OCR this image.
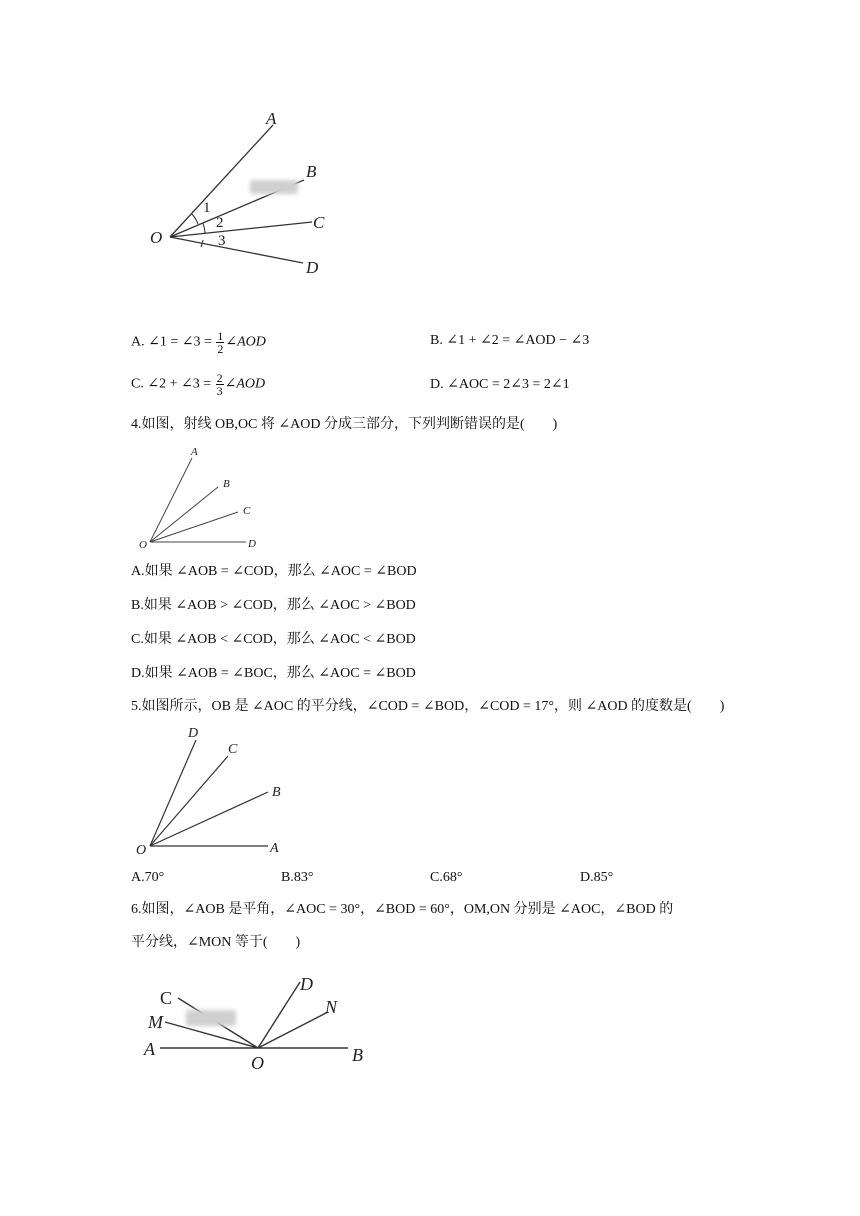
A
B
C
D
O
1
2
3
A. ∠1 = ∠3 = $\frac{1}{2}$ ∠AOD	B. ∠1 + ∠2 = ∠AOD − ∠3
C. ∠2 + ∠3 = $\frac{2}{3}$ ∠AOD	D. ∠AOC = 2∠3 = 2∠1
4.如图，射线 OB,OC 将 ∠AOD 分成三部分，下列判断错误的是(　　)
A
B
C
D
O
A.如果 ∠AOB = ∠COD，那么 ∠AOC = ∠BOD
B.如果 ∠AOB > ∠COD，那么 ∠AOC > ∠BOD
C.如果 ∠AOB < ∠COD，那么 ∠AOC < ∠BOD
D.如果 ∠AOB = ∠BOC，那么 ∠AOC = ∠BOD
5.如图所示，OB 是 ∠AOC 的平分线，∠COD = ∠BOD，∠COD = 17°，则 ∠AOD 的度数是(　　)
D
C
B
A
O
A.70°	B.83°	C.68°	D.85°
6.如图，∠AOB 是平角，∠AOC = 30°，∠BOD = 60°，OM,ON 分别是 ∠AOC，∠BOD 的
平分线，∠MON 等于(　　)
C
M
A
O	B
D
N
